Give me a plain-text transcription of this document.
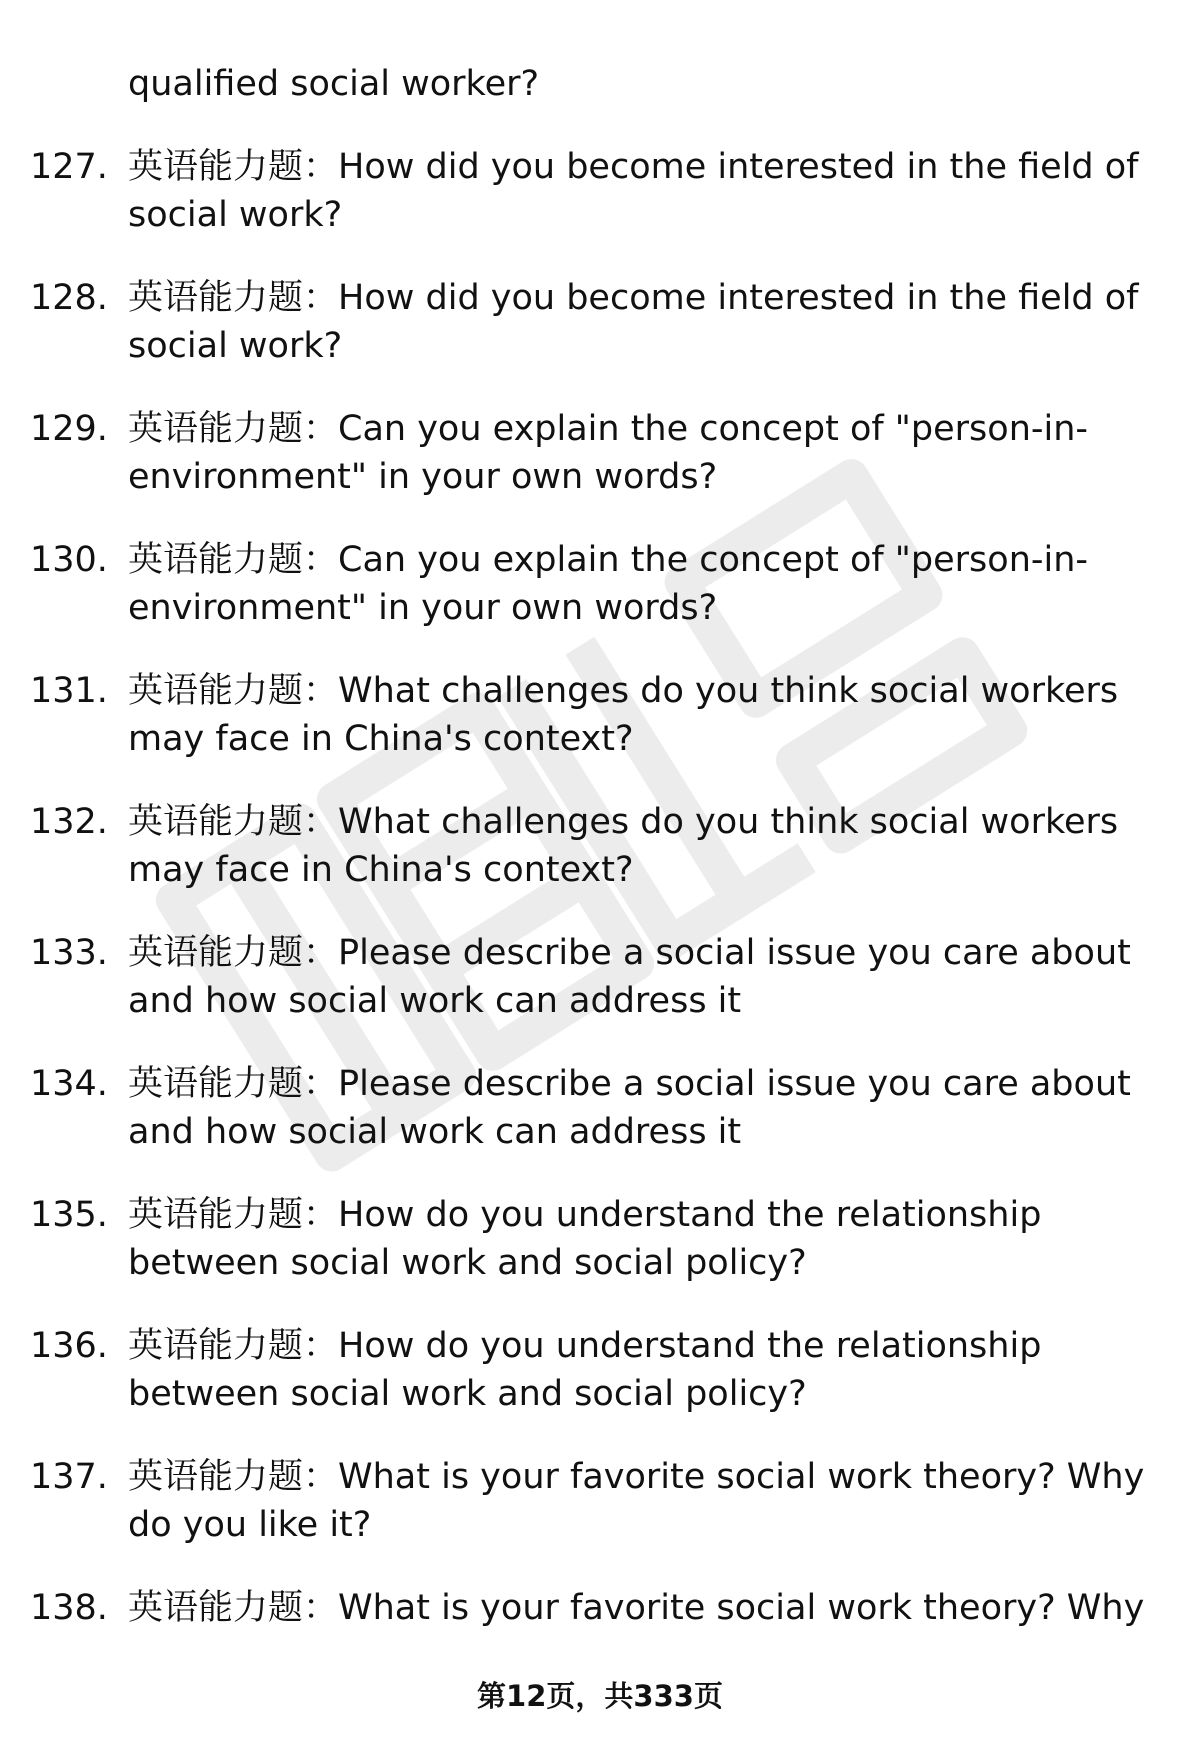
qualified social worker?
127. 英语能力题：How did you become interested in the field of
social work?
128. 英语能力题：How did you become interested in the field of
social work?
129. 英语能力题：Can you explain the concept of "person-in-
environment" in your own words?
130. 英语能力题：Can you explain the concept of "person-in-
environment" in your own words?
131. 英语能力题：What challenges do you think social workers
may face in China's context?
132. 英语能力题：What challenges do you think social workers
may face in China's context?
133. 英语能力题：Please describe a social issue you care about
and how social work can address it
134. 英语能力题：Please describe a social issue you care about
and how social work can address it
135. 英语能力题：How do you understand the relationship
between social work and social policy?
136. 英语能力题：How do you understand the relationship
between social work and social policy?
137. 英语能力题：What is your favorite social work theory? Why
do you like it?
138. 英语能力题：What is your favorite social work theory? Why
第12页，共333页
